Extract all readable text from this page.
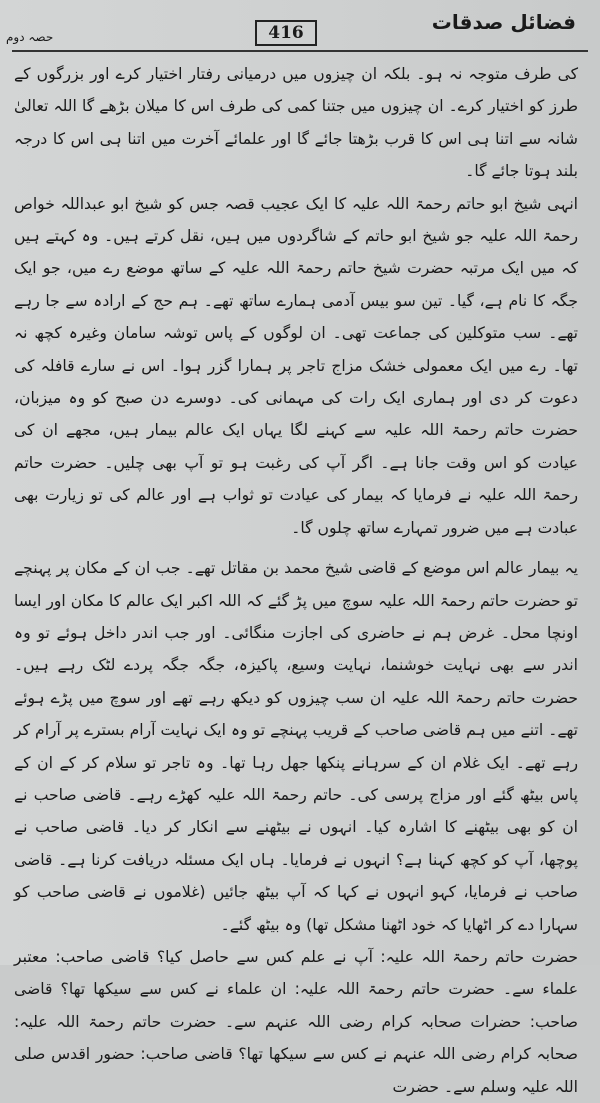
فضائل صدقات
416
حصہ دوم

کی طرف متوجہ نہ ہو۔ بلکہ ان چیزوں میں درمیانی رفتار اختیار کرے اور بزرگوں کے طرز کو اختیار کرے۔ ان چیزوں میں جتنا کمی کی طرف اس کا میلان بڑھے گا اللہ تعالیٰ شانہ سے اتنا ہی اس کا قرب بڑھتا جائے گا اور علمائے آخرت میں اتنا ہی اس کا درجہ بلند ہوتا جائے گا۔

انہی شیخ ابو حاتم رحمۃ اللہ علیہ کا ایک عجیب قصہ جس کو شیخ ابو عبداللہ خواص رحمۃ اللہ علیہ جو شیخ ابو حاتم کے شاگردوں میں ہیں، نقل کرتے ہیں۔ وہ کہتے ہیں کہ میں ایک مرتبہ حضرت شیخ حاتم رحمۃ اللہ علیہ کے ساتھ موضع رے میں، جو ایک جگہ کا نام ہے، گیا۔ تین سو بیس آدمی ہمارے ساتھ تھے۔ ہم حج کے ارادہ سے جا رہے تھے۔ سب متوکلین کی جماعت تھی۔ ان لوگوں کے پاس توشہ سامان وغیرہ کچھ نہ تھا۔ رے میں ایک معمولی خشک مزاج تاجر پر ہمارا گزر ہوا۔ اس نے سارے قافلہ کی دعوت کر دی اور ہماری ایک رات کی مہمانی کی۔ دوسرے دن صبح کو وہ میزبان، حضرت حاتم رحمۃ اللہ علیہ سے کہنے لگا یہاں ایک عالم بیمار ہیں، مجھے ان کی عیادت کو اس وقت جانا ہے۔ اگر آپ کی رغبت ہو تو آپ بھی چلیں۔ حضرت حاتم رحمۃ اللہ علیہ نے فرمایا کہ بیمار کی عیادت تو ثواب ہے اور عالم کی تو زیارت بھی عبادت ہے میں ضرور تمہارے ساتھ چلوں گا۔

یہ بیمار عالم اس موضع کے قاضی شیخ محمد بن مقاتل تھے۔ جب ان کے مکان پر پہنچے تو حضرت حاتم رحمۃ اللہ علیہ سوچ میں پڑ گئے کہ اللہ اکبر ایک عالم کا مکان اور ایسا اونچا محل۔ غرض ہم نے حاضری کی اجازت منگائی۔ اور جب اندر داخل ہوئے تو وہ اندر سے بھی نہایت خوشنما، نہایت وسیع، پاکیزہ، جگہ جگہ پردے لٹک رہے ہیں۔ حضرت حاتم رحمۃ اللہ علیہ ان سب چیزوں کو دیکھ رہے تھے اور سوچ میں پڑے ہوئے تھے۔ اتنے میں ہم قاضی صاحب کے قریب پہنچے تو وہ ایک نہایت آرام بسترے پر آرام کر رہے تھے۔ ایک غلام ان کے سرہانے پنکھا جھل رہا تھا۔ وہ تاجر تو سلام کر کے ان کے پاس بیٹھ گئے اور مزاج پرسی کی۔ حاتم رحمۃ اللہ علیہ کھڑے رہے۔ قاضی صاحب نے ان کو بھی بیٹھنے کا اشارہ کیا۔ انہوں نے بیٹھنے سے انکار کر دیا۔ قاضی صاحب نے پوچھا، آپ کو کچھ کہنا ہے؟ انہوں نے فرمایا۔ ہاں ایک مسئلہ دریافت کرنا ہے۔ قاضی صاحب نے فرمایا، کہو انہوں نے کہا کہ آپ بیٹھ جائیں (غلاموں نے قاضی صاحب کو سہارا دے کر اٹھایا کہ خود اٹھنا مشکل تھا) وہ بیٹھ گئے۔

حضرت حاتم رحمۃ اللہ علیہ: آپ نے علم کس سے حاصل کیا؟ قاضی صاحب: معتبر علماء سے۔ حضرت حاتم رحمۃ اللہ علیہ: ان علماء نے کس سے سیکھا تھا؟ قاضی صاحب: حضرات صحابہ کرام رضی اللہ عنہم سے۔ حضرت حاتم رحمۃ اللہ علیہ: صحابہ کرام رضی اللہ عنہم نے کس سے سیکھا تھا؟ قاضی صاحب: حضور اقدس صلی اللہ علیہ وسلم سے۔ حضرت
